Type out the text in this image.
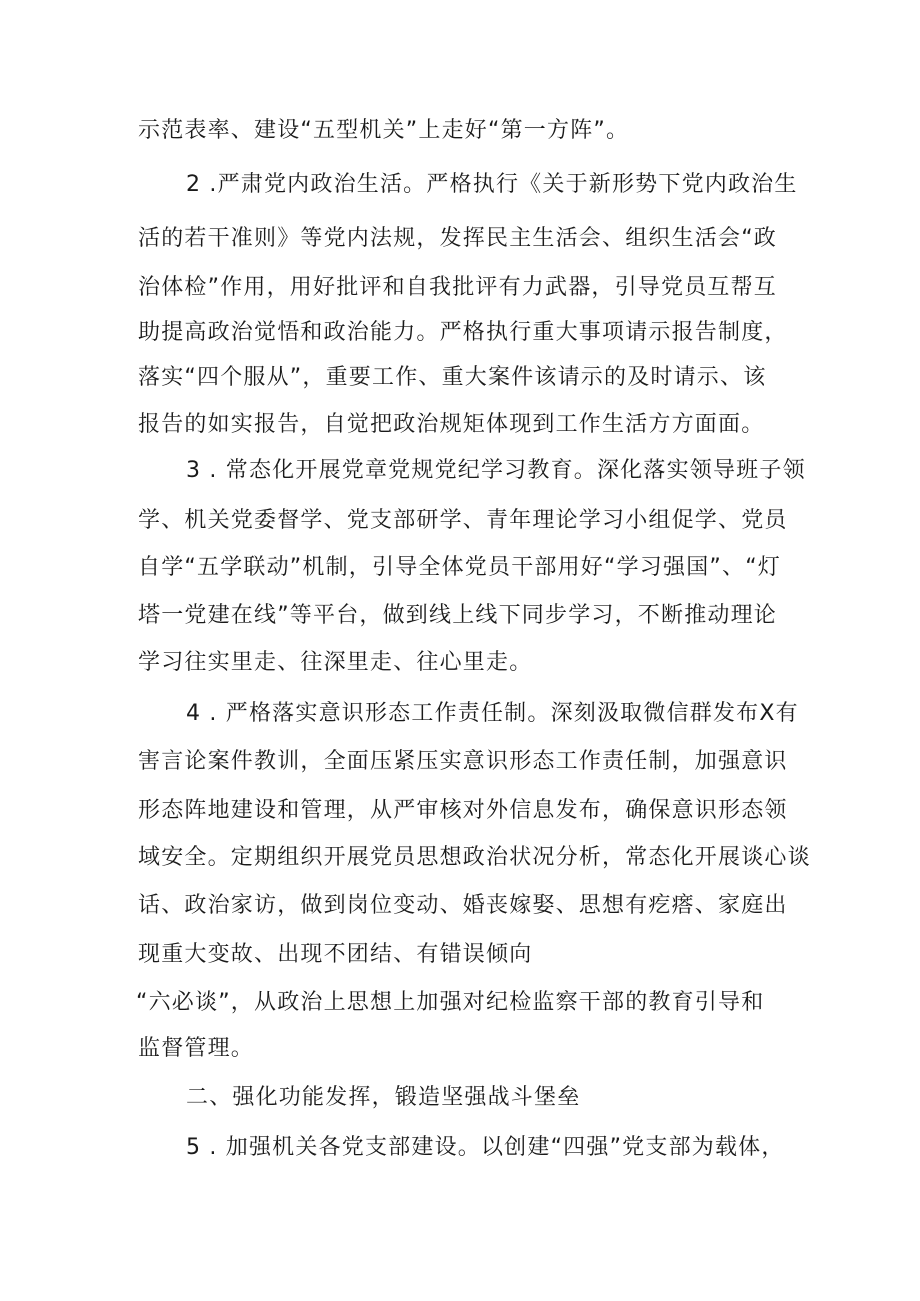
示范表率、建设“五型机关”上走好“第一方阵”。
2 .严肃党内政治生活。严格执行《关于新形势下党内政治生
活的若干准则》等党内法规，发挥民主生活会、组织生活会“政
治体检”作用，用好批评和自我批评有力武器，引导党员互帮互
助提高政治觉悟和政治能力。严格执行重大事项请示报告制度，
落实“四个服从”，重要工作、重大案件该请示的及时请示、该
报告的如实报告，自觉把政治规矩体现到工作生活方方面面。
3 . 常态化开展党章党规党纪学习教育。深化落实领导班子领
学、机关党委督学、党支部研学、青年理论学习小组促学、党员
自学“五学联动”机制，引导全体党员干部用好“学习强国”、“灯
塔一党建在线”等平台，做到线上线下同步学习，不断推动理论
学习往实里走、往深里走、往心里走。
4 . 严格落实意识形态工作责任制。深刻汲取微信群发布X有
害言论案件教训，全面压紧压实意识形态工作责任制，加强意识
形态阵地建设和管理，从严审核对外信息发布，确保意识形态领
域安全。定期组织开展党员思想政治状况分析，常态化开展谈心谈
话、政治家访，做到岗位变动、婚丧嫁娶、思想有疙瘩、家庭出
现重大变故、出现不团结、有错误倾向
“六必谈”，从政治上思想上加强对纪检监察干部的教育引导和
监督管理。
二、强化功能发挥，锻造坚强战斗堡垒
5 . 加强机关各党支部建设。以创建“四强”党支部为载体，
